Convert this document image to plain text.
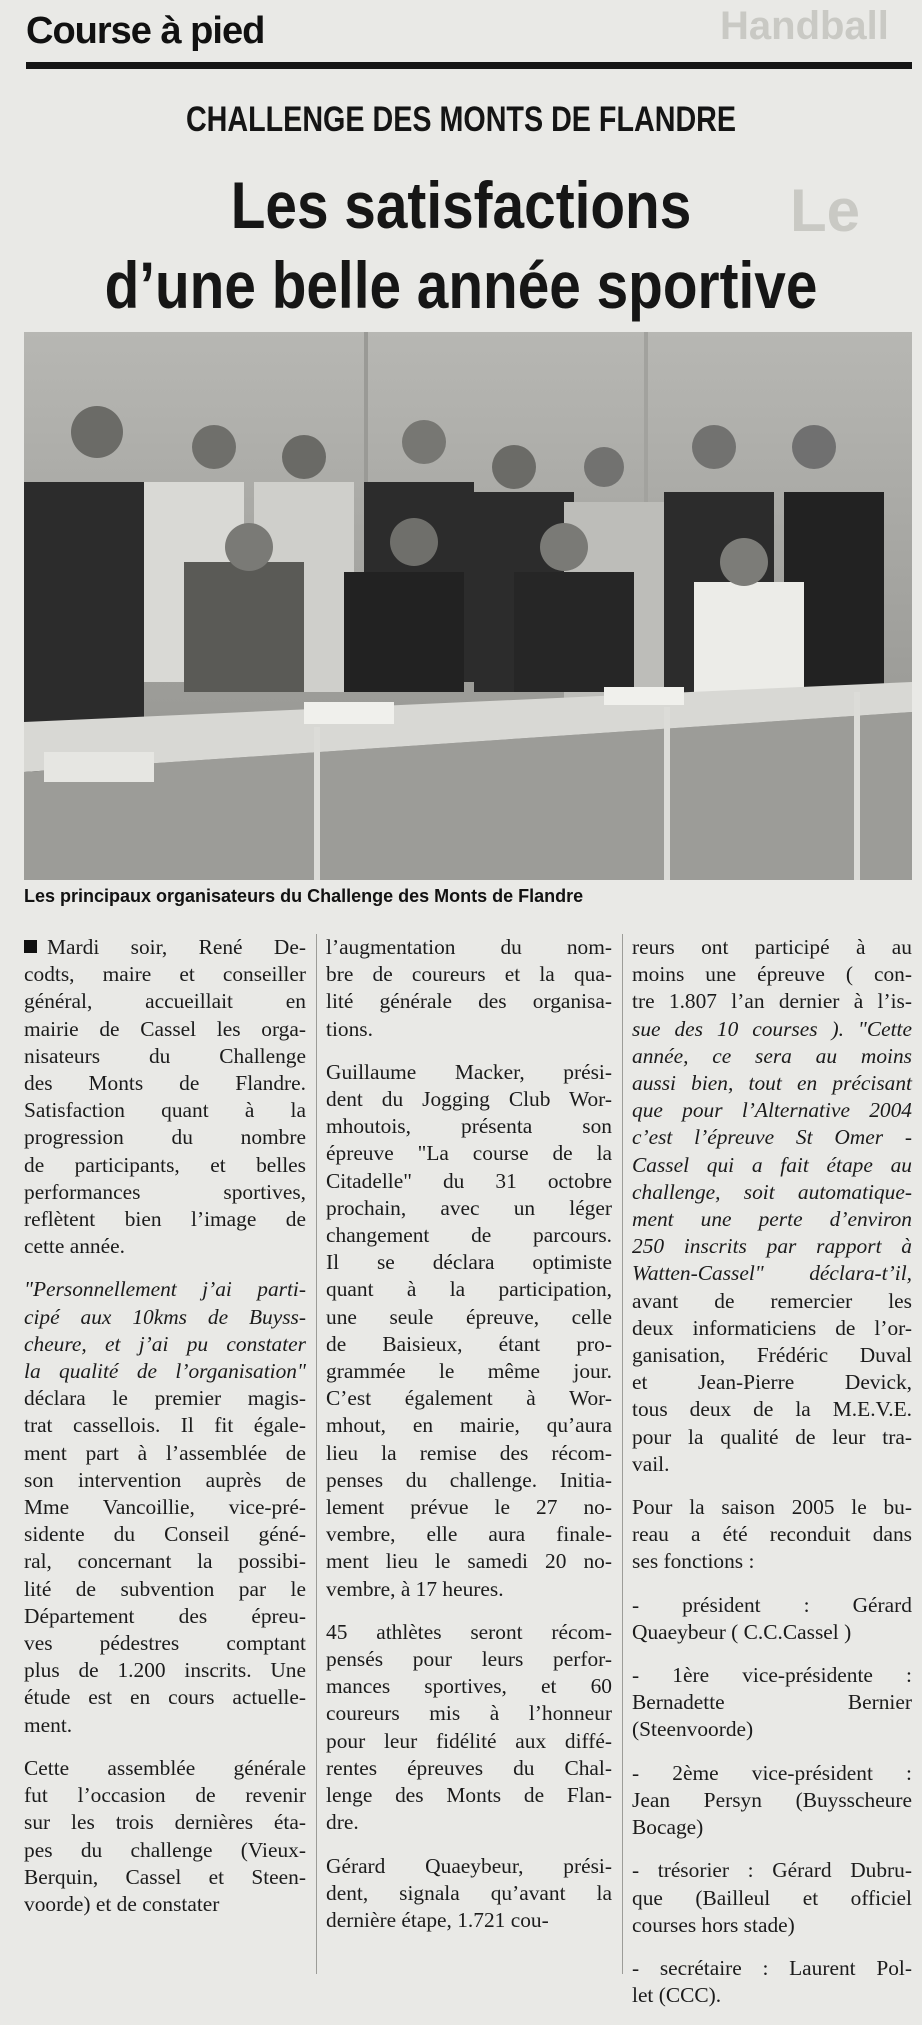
Handball
Le
Course à pied
CHALLENGE DES MONTS DE FLANDRE
Les satisfactions
d’une belle année sportive
Les principaux organisateurs du Challenge des Monts de Flandre

Mardi soir, René De-
codts, maire et conseiller
général, accueillait en
mairie de Cassel les orga-
nisateurs du Challenge
des Monts de Flandre.
Satisfaction quant à la
progression du nombre
de participants, et belles
performances sportives,
reflètent bien l’image de
cette année.

"Personnellement j’ai parti-
cipé aux 10kms de Buyss-
cheure, et j’ai pu constater
la qualité de l’organisation"
déclara le premier magis-
trat cassellois. Il fit égale-
ment part à l’assemblée de
son intervention auprès de
Mme Vancoillie, vice-pré-
sidente du Conseil géné-
ral, concernant la possibi-
lité de subvention par le
Département des épreu-
ves pédestres comptant
plus de 1.200 inscrits. Une
étude est en cours actuelle-
ment.

Cette assemblée générale
fut l’occasion de revenir
sur les trois dernières éta-
pes du challenge (Vieux-
Berquin, Cassel et Steen-
voorde) et de constater

l’augmentation du nom-
bre de coureurs et la qua-
lité générale des organisa-
tions.

Guillaume Macker, prési-
dent du Jogging Club Wor-
mhoutois, présenta son
épreuve "La course de la
Citadelle" du 31 octobre
prochain, avec un léger
changement de parcours.
Il se déclara optimiste
quant à la participation,
une seule épreuve, celle
de Baisieux, étant pro-
grammée le même jour.
C’est également à Wor-
mhout, en mairie, qu’aura
lieu la remise des récom-
penses du challenge. Initia-
lement prévue le 27 no-
vembre, elle aura finale-
ment lieu le samedi 20 no-
vembre, à 17 heures.

45 athlètes seront récom-
pensés pour leurs perfor-
mances sportives, et 60
coureurs mis à l’honneur
pour leur fidélité aux diffé-
rentes épreuves du Chal-
lenge des Monts de Flan-
dre.

Gérard Quaeybeur, prési-
dent, signala qu’avant la
dernière étape, 1.721 cou-

reurs ont participé à au
moins une épreuve ( con-
tre 1.807 l’an dernier à l’is-
sue des 10 courses ). "Cette
année, ce sera au moins
aussi bien, tout en précisant
que pour l’Alternative 2004
c’est l’épreuve St Omer -
Cassel qui a fait étape au
challenge, soit automatique-
ment une perte d’environ
250 inscrits par rapport à
Watten-Cassel" déclara-t’il,
avant de remercier les
deux informaticiens de l’or-
ganisation, Frédéric Duval
et Jean-Pierre Devick,
tous deux de la M.E.V.E.
pour la qualité de leur tra-
vail.

Pour la saison 2005 le bu-
reau a été reconduit dans
ses fonctions :

- président : Gérard
Quaeybeur ( C.C.Cassel )

- 1ère vice-présidente :
Bernadette Bernier
(Steenvoorde)

- 2ème vice-président :
Jean Persyn (Buysscheure
Bocage)

- trésorier : Gérard Dubru-
que (Bailleul et officiel
courses hors stade)

- secrétaire : Laurent Pol-
let (CCC).
